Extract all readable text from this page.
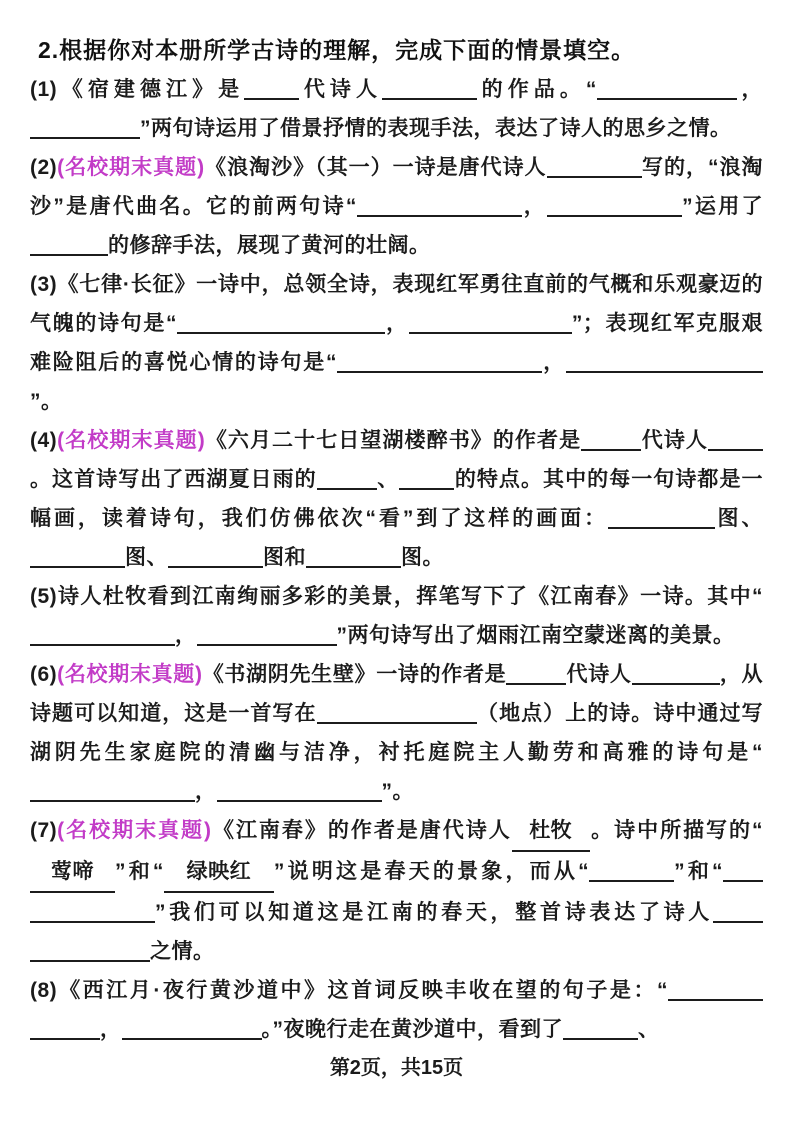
2.根据你对本册所学古诗的理解，完成下面的情景填空。

(1)《宿建德江》是	代诗人	的作品。“	，”两句诗运用了借景抒情的表现手法，表达了诗人的思乡之情。

(2)(名校期末真题)《浪淘沙》（其一）一诗是唐代诗人	写的，“浪淘沙”是唐代曲名。它的前两句诗“	，	”运用了的修辞手法，展现了黄河的壮阔。

(3)《七律·长征》一诗中，总领全诗，表现红军勇往直前的气概和乐观豪迈的气魄的诗句是“	，	”；表现红军克服艰难险阻后的喜悦心情的诗句是“	，”。

(4)(名校期末真题)《六月二十七日望湖楼醉书》的作者是	代诗人。这首诗写出了西湖夏日雨的	、	的特点。其中的每一句诗都是一幅画，读着诗句，我们仿佛依次“看”到了这样的画面：	图、图、	图和	图。

(5)诗人杜牧看到江南绚丽多彩的美景，挥笔写下了《江南春》一诗。其中“，	”两句诗写出了烟雨江南空蒙迷离的美景。

(6)(名校期末真题)《书湖阴先生壁》一诗的作者是	代诗人	，从诗题可以知道，这是一首写在	（地点）上的诗。诗中通过写湖阴先生家庭院的清幽与洁净，衬托庭院主人勤劳和高雅的诗句是“，	”。

(7)(名校期末真题)《江南春》的作者是唐代诗人 杜牧 。诗中所描写的“莺啼 ”和“ 绿映红 ”说明这是春天的景象，而从“	”和“”我们可以知道这是江南的春天，整首诗表达了诗人之情。

(8)《西江月·夜行黄沙道中》这首词反映丰收在望的句子是：“，	。”夜晚行走在黄沙道中，看到了	、

第2页，共15页
